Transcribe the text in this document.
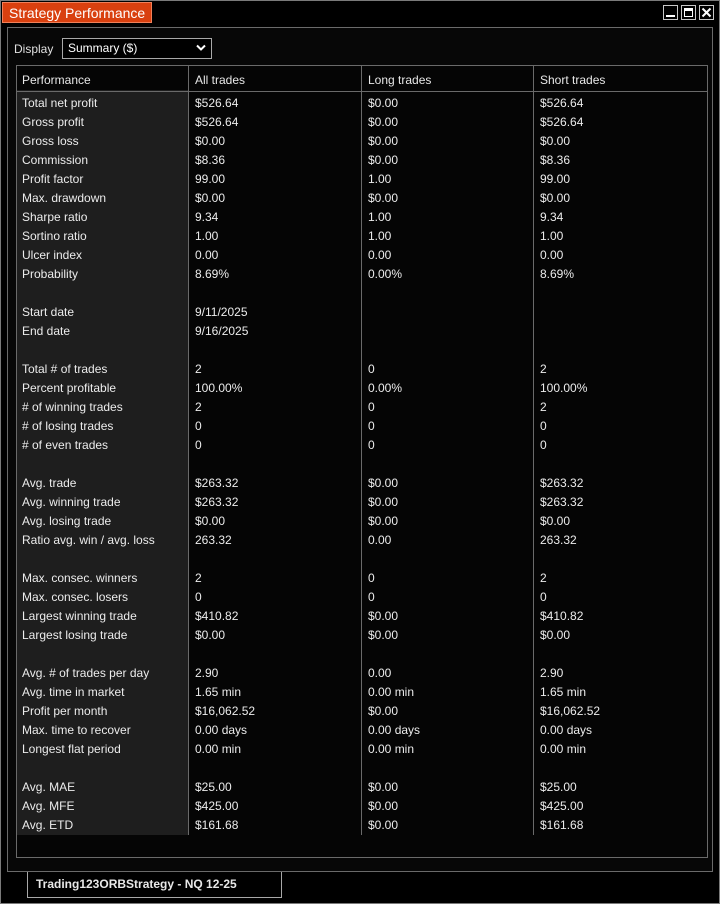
Strategy Performance
Display	Summary ($)
Performance	All trades	Long trades	Short trades
Total net profit	$526.64	$0.00	$526.64
Gross profit	$526.64	$0.00	$526.64
Gross loss	$0.00	$0.00	$0.00
Commission	$8.36	$0.00	$8.36
Profit factor	99.00	1.00	99.00
Max. drawdown	$0.00	$0.00	$0.00
Sharpe ratio	9.34	1.00	9.34
Sortino ratio	1.00	1.00	1.00
Ulcer index	0.00	0.00	0.00
Probability	8.69%	0.00%	8.69%
Start date	9/11/2025
End date	9/16/2025
Total # of trades	2	0	2
Percent profitable	100.00%	0.00%	100.00%
# of winning trades	2	0	2
# of losing trades	0	0	0
# of even trades	0	0	0
Avg. trade	$263.32	$0.00	$263.32
Avg. winning trade	$263.32	$0.00	$263.32
Avg. losing trade	$0.00	$0.00	$0.00
Ratio avg. win / avg. loss	263.32	0.00	263.32
Max. consec. winners	2	0	2
Max. consec. losers	0	0	0
Largest winning trade	$410.82	$0.00	$410.82
Largest losing trade	$0.00	$0.00	$0.00
Avg. # of trades per day	2.90	0.00	2.90
Avg. time in market	1.65 min	0.00 min	1.65 min
Profit per month	$16,062.52	$0.00	$16,062.52
Max. time to recover	0.00 days	0.00 days	0.00 days
Longest flat period	0.00 min	0.00 min	0.00 min
Avg. MAE	$25.00	$0.00	$25.00
Avg. MFE	$425.00	$0.00	$425.00
Avg. ETD	$161.68	$0.00	$161.68
Trading123ORBStrategy - NQ 12-25
